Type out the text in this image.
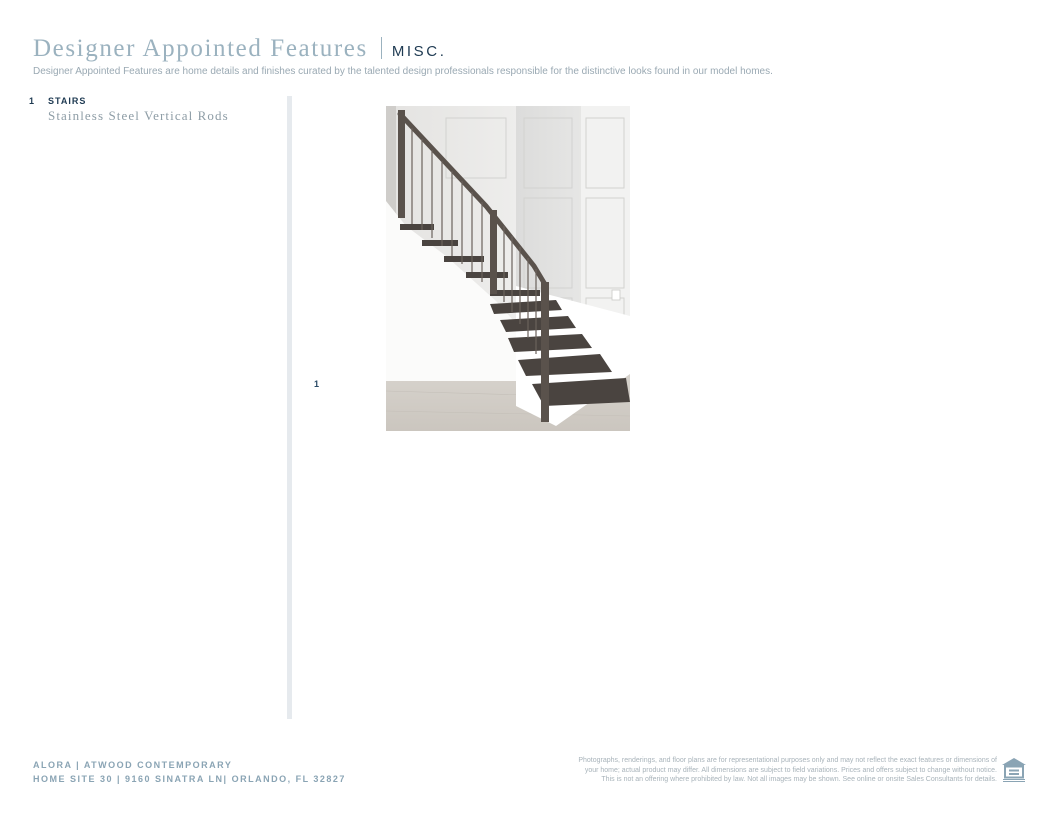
Designer Appointed Features MISC.
Designer Appointed Features are home details and finishes curated by the talented design professionals responsible for the distinctive looks found in our model homes.
1 STAIRS
Stainless Steel Vertical Rods
1
ALORA | ATWOOD CONTEMPORARY
HOME SITE 30 | 9160 SINATRA LN| ORLANDO, FL 32827
Photographs, renderings, and floor plans are for representational purposes only and may not reflect the exact features or dimensions of
your home; actual product may differ. All dimensions are subject to field variations. Prices and offers subject to change without notice.
This is not an offering where prohibited by law. Not all images may be shown. See online or onsite Sales Consultants for details.
